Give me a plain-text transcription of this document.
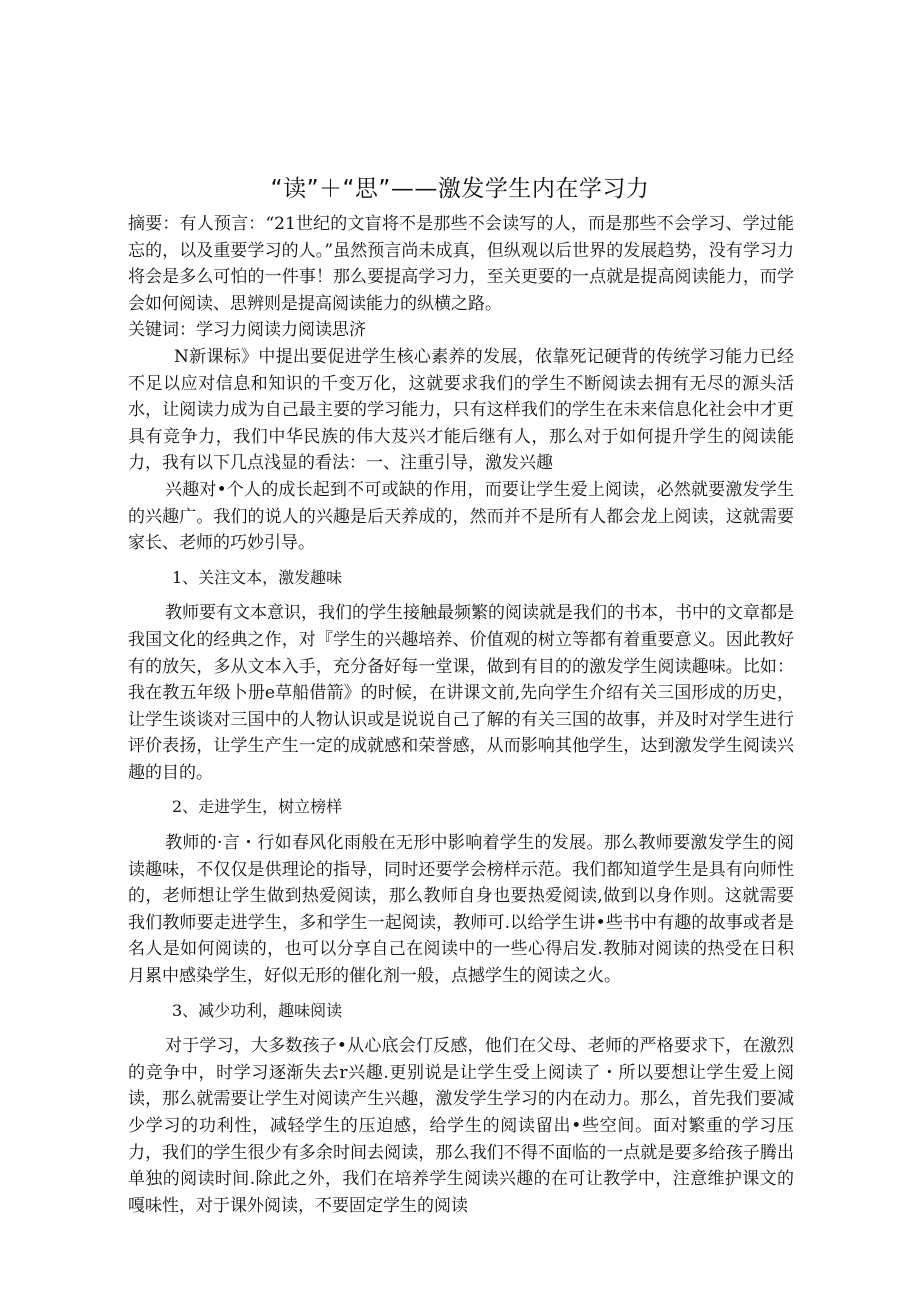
“读”＋“思”——激发学生内在学习力

摘要：有人预言：“21世纪的文盲将不是那些不会读写的人，而是那些不会学习、学过能忘的，以及重要学习的人。”虽然预言尚未成真，但纵观以后世界的发展趋势，没有学习力将会是多么可怕的一件事！那么要提高学习力，至关更要的一点就是提高阅读能力，而学会如何阅读、思辨则是提高阅读能力的纵横之路。

关键词：学习力阅读力阅读思济

N新课标》中提出要促进学生核心素养的发展，依靠死记硬背的传统学习能力已经不足以应对信息和知识的千变万化，这就要求我们的学生不断阅读去拥有无尽的源头活水，让阅读力成为自己最主要的学习能力，只有这样我们的学生在未来信息化社会中才更具有竞争力，我们中华民族的伟大芨兴才能后继有人，那么对于如何提升学生的阅读能力，我有以下几点浅显的看法：一、注重引导，激发兴趣

兴趣对•个人的成长起到不可或缺的作用，而要让学生爱上阅读，必然就要激发学生的兴趣广。我们的说人的兴趣是后天养成的，然而并不是所有人都会龙上阅读，这就需要家长、老师的巧妙引导。

1、关注文本，激发趣味

教师要有文本意识，我们的学生接触最频繁的阅读就是我们的书本，书中的文章都是我国文化的经典之作，对『学生的兴趣培养、价值观的树立等都有着重要意义。因此教好有的放矢，多从文本入手，充分备好每一堂课，做到有目的的激发学生阅读趣味。比如：我在教五年级卜册e草船借箭》的时候，在讲课文前,先向学生介绍有关三国形成的历史，让学生谈谈对三国中的人物认识或是说说自己了解的有关三国的故事，并及时对学生进行评价表扬，让学生产生一定的成就感和荣誉感，从而影响其他学生，达到激发学生阅读兴趣的目的。

2、走进学生，树立榜样

教师的·言・行如春风化雨般在无形中影响着学生的发展。那么教师要激发学生的阅读趣味，不仅仅是供理论的指导，同时还要学会榜样示范。我们都知道学生是具有向师性的，老师想让学生做到热爱阅读，那么教师自身也要热爱阅读,做到以身作则。这就需要我们教师要走进学生，多和学生一起阅读，教师可.以给学生讲•些书中有趣的故事或者是名人是如何阅读的，也可以分享自己在阅读中的一些心得启发.教肺对阅读的热受在日积月累中感染学生，好似无形的催化剂一般，点撼学生的阅读之火。

3、减少功利，趣味阅读

对于学习，大多数孩子•从心底会仃反感，他们在父母、老师的严格要求下，在激烈的竞争中，时学习逐渐失去r兴趣.更别说是让学生受上阅读了・所以要想让学生爱上阅读，那么就需要让学生对阅读产生兴趣，激发学生学习的内在动力。那么，首先我们要减少学习的功利性，减轻学生的压迫感，给学生的阅读留出•些空间。面对繁重的学习压力，我们的学生很少有多余时间去阅读，那么我们不得不面临的一点就是要多给孩子腾出单独的阅读时间.除此之外，我们在培养学生阅读兴趣的在可让教学中，注意维护课文的嘎味性，对于课外阅读，不要固定学生的阅读
